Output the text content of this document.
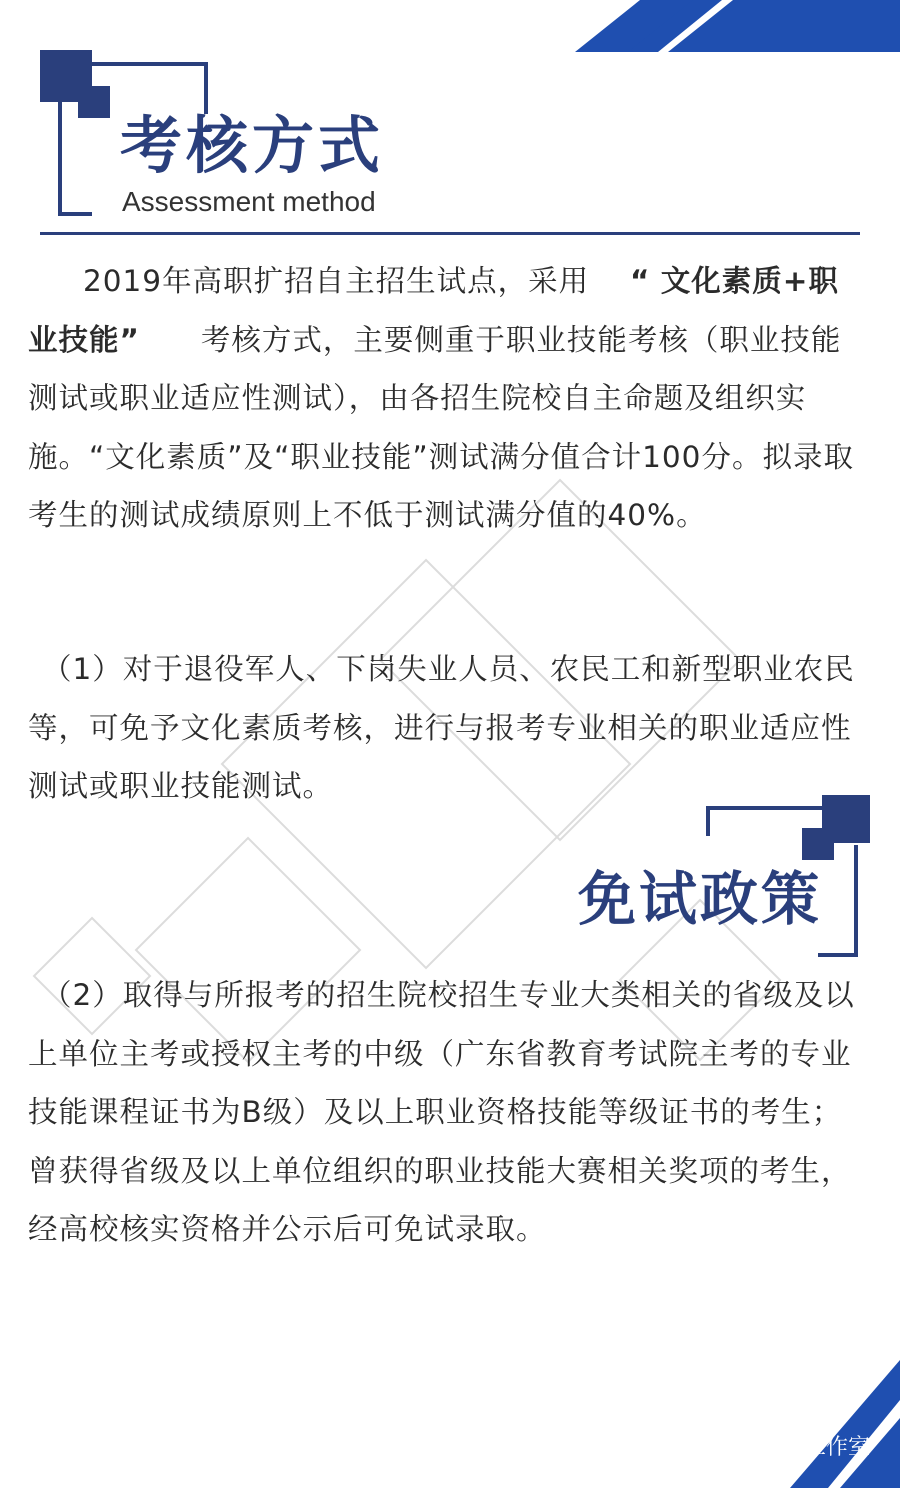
考核方式

Assessment method

2019年高职扩招自主招生试点，采用　 “ 文化素质+职业技能”　　 考核方式，主要侧重于职业技能考核（职业技能测试或职业适应性测试），由各招生院校自主命题及组织实施。“文化素质”及“职业技能”测试满分值合计100分。拟录取考生的测试成绩原则上不低于测试满分值的40%。

（1）对于退役军人、下岗失业人员、农民工和新型职业农民等，可免予文化素质考核，进行与报考专业相关的职业适应性测试或职业技能测试。

免试政策

（2）取得与所报考的招生院校招生专业大类相关的省级及以上单位主考或授权主考的中级（广东省教育考试院主考的专业技能课程证书为B级）及以上职业资格技能等级证书的考生；曾获得省级及以上单位组织的职业技能大赛相关奖项的考生，经高校核实资格并公示后可免试录取。

广州城建招生工作室
